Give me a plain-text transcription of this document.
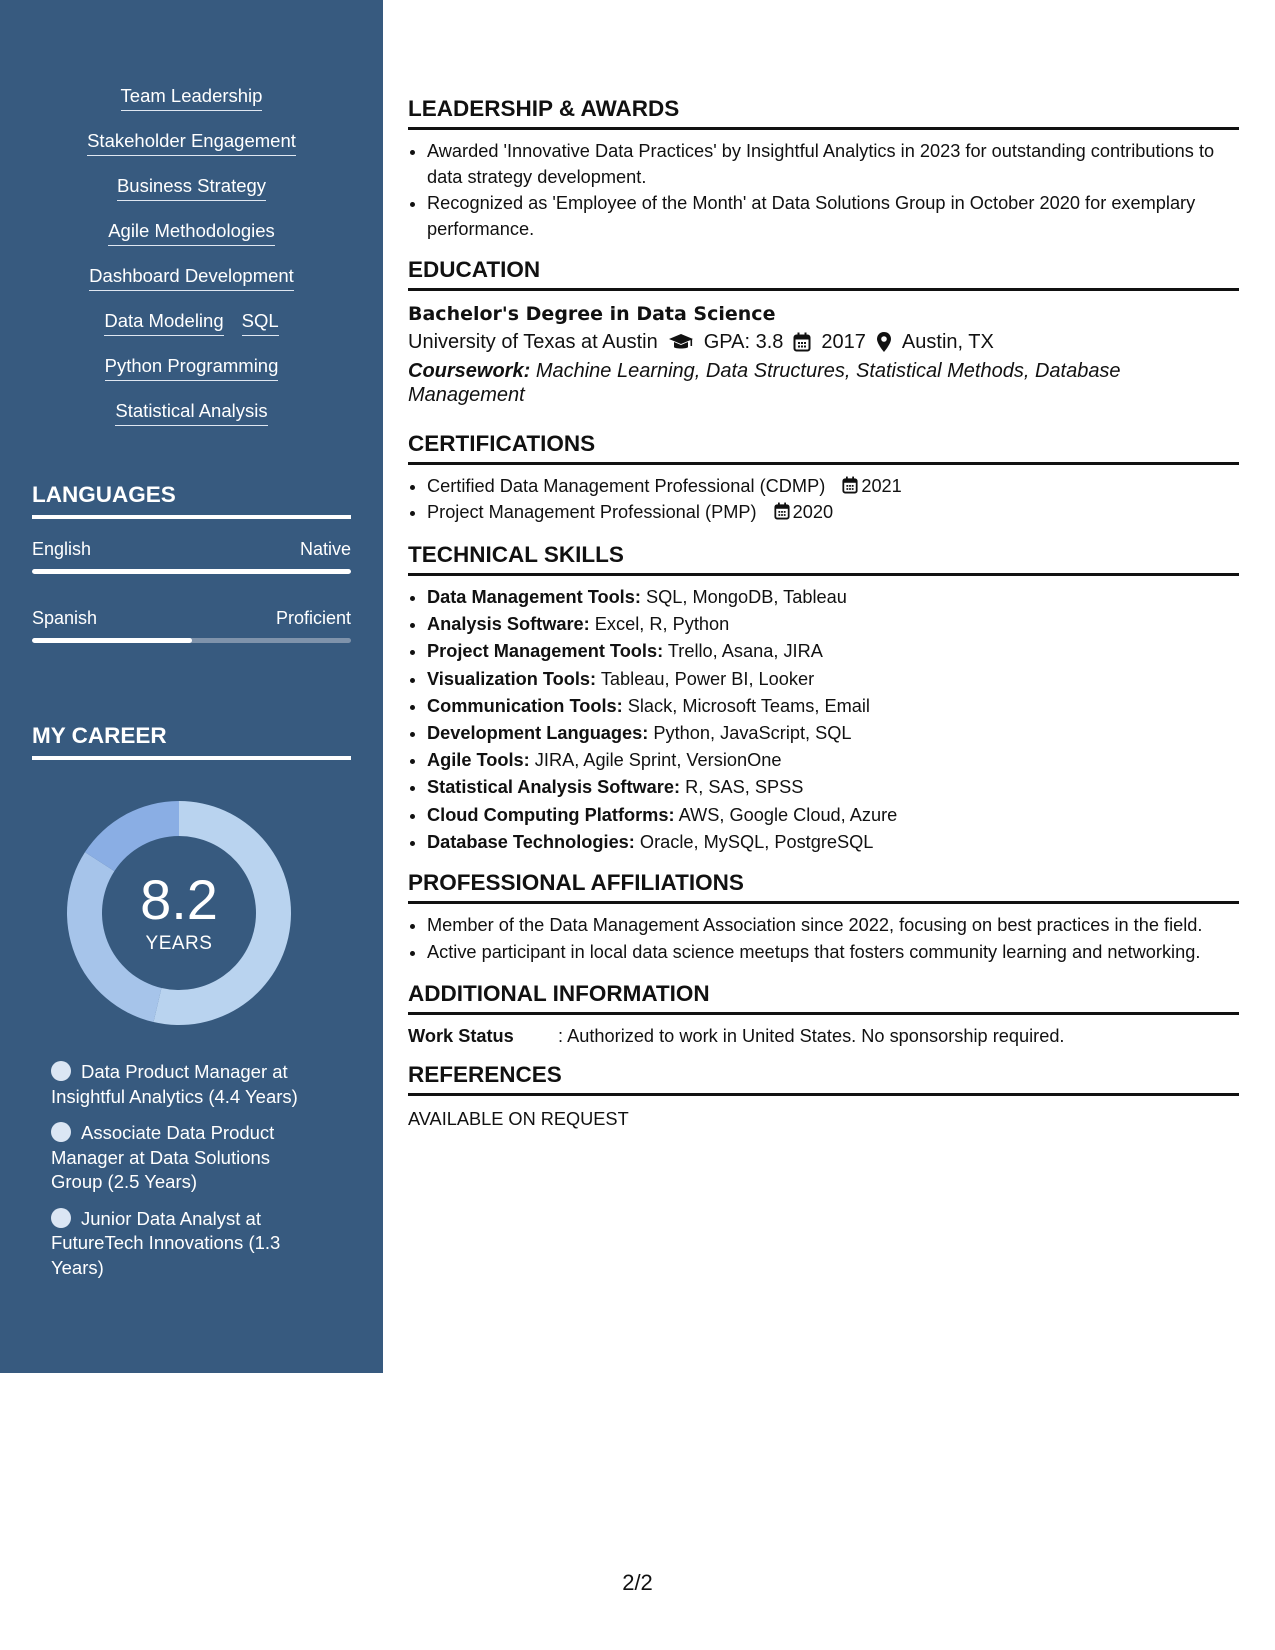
Team Leadership
Stakeholder Engagement
Business Strategy
Agile Methodologies
Dashboard Development
Data Modeling SQL
Python Programming
Statistical Analysis
LANGUAGES
English	Native
Spanish	Proficient
MY CAREER
8.2
YEARS
Data Product Manager at Insightful Analytics (4.4 Years)
Associate Data Product Manager at Data Solutions Group (2.5 Years)
Junior Data Analyst at FutureTech Innovations (1.3 Years)
LEADERSHIP & AWARDS
• Awarded 'Innovative Data Practices' by Insightful Analytics in 2023 for outstanding contributions to data strategy development.
• Recognized as 'Employee of the Month' at Data Solutions Group in October 2020 for exemplary performance.
EDUCATION
Bachelor's Degree in Data Science
University of Texas at Austin GPA: 3.8 2017 Austin, TX
Coursework: Machine Learning, Data Structures, Statistical Methods, Database Management
CERTIFICATIONS
• Certified Data Management Professional (CDMP) 2021
• Project Management Professional (PMP) 2020
TECHNICAL SKILLS
• Data Management Tools: SQL, MongoDB, Tableau
• Analysis Software: Excel, R, Python
• Project Management Tools: Trello, Asana, JIRA
• Visualization Tools: Tableau, Power BI, Looker
• Communication Tools: Slack, Microsoft Teams, Email
• Development Languages: Python, JavaScript, SQL
• Agile Tools: JIRA, Agile Sprint, VersionOne
• Statistical Analysis Software: R, SAS, SPSS
• Cloud Computing Platforms: AWS, Google Cloud, Azure
• Database Technologies: Oracle, MySQL, PostgreSQL
PROFESSIONAL AFFILIATIONS
• Member of the Data Management Association since 2022, focusing on best practices in the field.
• Active participant in local data science meetups that fosters community learning and networking.
ADDITIONAL INFORMATION
Work Status	: Authorized to work in United States. No sponsorship required.
REFERENCES
AVAILABLE ON REQUEST
2/2
